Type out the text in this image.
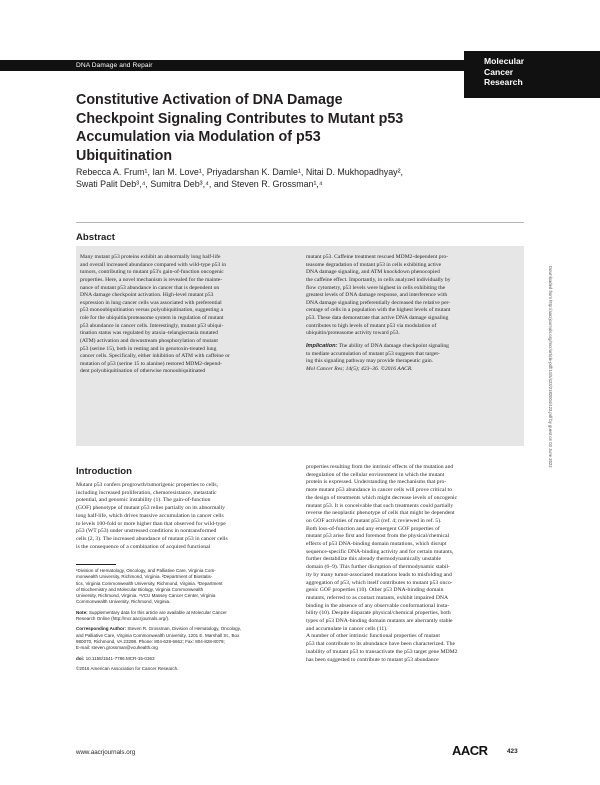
DNA Damage and Repair	Molecular
Cancer
Research
Constitutive Activation of DNA Damage
Checkpoint Signaling Contributes to Mutant p53
Accumulation via Modulation of p53
Ubiquitination
Rebecca A. Frum¹, Ian M. Love¹, Priyadarshan K. Damle¹, Nitai D. Mukhopadhyay²,
Swati Palit Deb³,⁴, Sumitra Deb³,⁴, and Steven R. Grossman¹,⁴
Abstract
Many mutant p53 proteins exhibit an abnormally long half-life
and overall increased abundance compared with wild-type p53 in
tumors, contributing to mutant p53's gain-of-function oncogenic
properties. Here, a novel mechanism is revealed for the mainte-
nance of mutant p53 abundance in cancer that is dependent on
DNA damage checkpoint activation. High-level mutant p53
expression in lung cancer cells was associated with preferential
p53 monoubiquitination versus polyubiquitination, suggesting a
role for the ubiquitin/proteasome system in regulation of mutant
p53 abundance in cancer cells. Interestingly, mutant p53 ubiqui-
tination status was regulated by ataxia–telangiectasia mutated
(ATM) activation and downstream phosphorylation of mutant
p53 (serine 15), both in resting and in genotoxin-treated lung
cancer cells. Specifically, either inhibition of ATM with caffeine or
mutation of p53 (serine 15 to alanine) restored MDM2-depend-
dent polyubiquitination of otherwise monoubiquitinated
mutant p53. Caffeine treatment rescued MDM2-dependent pro-
teasome degradation of mutant p53 in cells exhibiting active
DNA damage signaling, and ATM knockdown phenocopied
the caffeine effect. Importantly, in cells analyzed individually by
flow cytometry, p53 levels were highest in cells exhibiting the
greatest levels of DNA damage response, and interference with
DNA damage signaling preferentially decreased the relative per-
centage of cells in a population with the highest levels of mutant
p53. These data demonstrate that active DNA damage signaling
contributes to high levels of mutant p53 via modulation of
ubiquitin/proteasome activity toward p53.
Implication: The ability of DNA damage checkpoint signaling
to mediate accumulation of mutant p53 suggests that target-
ing this signaling pathway may provide therapeutic gain.
Mol Cancer Res; 14(5); 423–36. ©2016 AACR.
Introduction
Mutant p53 confers progrowth/tumorigenic properties to cells,
including increased proliferation, chemoresistance, metastatic
potential, and genomic instability (1). The gain-of-function
(GOF) phenotype of mutant p53 relies partially on its abnormally
long half-life, which drives massive accumulation in cancer cells
to levels 100-fold or more higher than that observed for wild-type
p53 (WT p53) under unstressed conditions in nontransformed
cells (2, 3). The increased abundance of mutant p53 in cancer cells
is the consequence of a combination of acquired functional
properties resulting from the intrinsic effects of the mutation and
deregulation of the cellular environment in which the mutant
protein is expressed. Understanding the mechanisms that pro-
mote mutant p53 abundance in cancer cells will prove critical to
the design of treatments which might decrease levels of oncogenic
mutant p53. It is conceivable that such treatments could partially
reverse the neoplastic phenotype of cells that might be dependent
on GOF activities of mutant p53 (ref. 4; reviewed in ref. 5).
Both loss-of-function and any emergent GOF properties of
mutant p53 arise first and foremost from the physical/chemical
effects of p53 DNA-binding domain mutations, which disrupt
sequence-specific DNA-binding activity and for certain mutants,
further destabilize this already thermodynamically unstable
domain (6–9). This further disruption of thermodynamic stabil-
ity by many tumor-associated mutations leads to misfolding and
aggregation of p53, which itself contributes to mutant p53 onco-
genic GOF properties (10). Other p53 DNA-binding domain
mutants, referred to as contact mutants, exhibit impaired DNA
binding in the absence of any observable conformational insta-
bility (10). Despite disparate physical/chemical properties, both
types of p53 DNA-binding domain mutants are aberrantly stable
and accumulate in cancer cells (11).
A number of other intrinsic functional properties of mutant
p53 that contribute to its abundance have been characterized. The
inability of mutant p53 to transactivate the p53 target gene MDM2
has been suggested to contribute to mutant p53 abundance
¹Division of Hematology, Oncology, and Palliative Care, Virginia Com-
monwealth University, Richmond, Virginia. ²Department of Biostatis-
tics, Virginia Commonwealth University, Richmond, Virginia. ³Department
of Biochemistry and Molecular Biology, Virginia Commonwealth
University, Richmond, Virginia. ⁴VCU Massey Cancer Center, Virginia
Commonwealth University, Richmond, Virginia.
Note: Supplementary data for this article are available at Molecular Cancer
Research Online (http://mcr.aacrjournals.org/).
Corresponding Author: Steven R. Grossman, Division of Hematology, Oncology,
and Palliative Care, Virginia Commonwealth University, 1201 E. Marshall St., Box
980070, Richmond, VA 23298. Phone: 804-628-6662; Fax: 804-828-8079;
E-mail: steven.grossman@vcuhealth.org
doi: 10.1158/1541-7786.MCR-15-0363
©2016 American Association for Cancer Research.
Downloaded from http://aacrjournals.org/mcr/article-pdf/14/5/423/2182004/423.pdf by guest on 03 June 2022
www.aacrjournals.org	AACR	423
